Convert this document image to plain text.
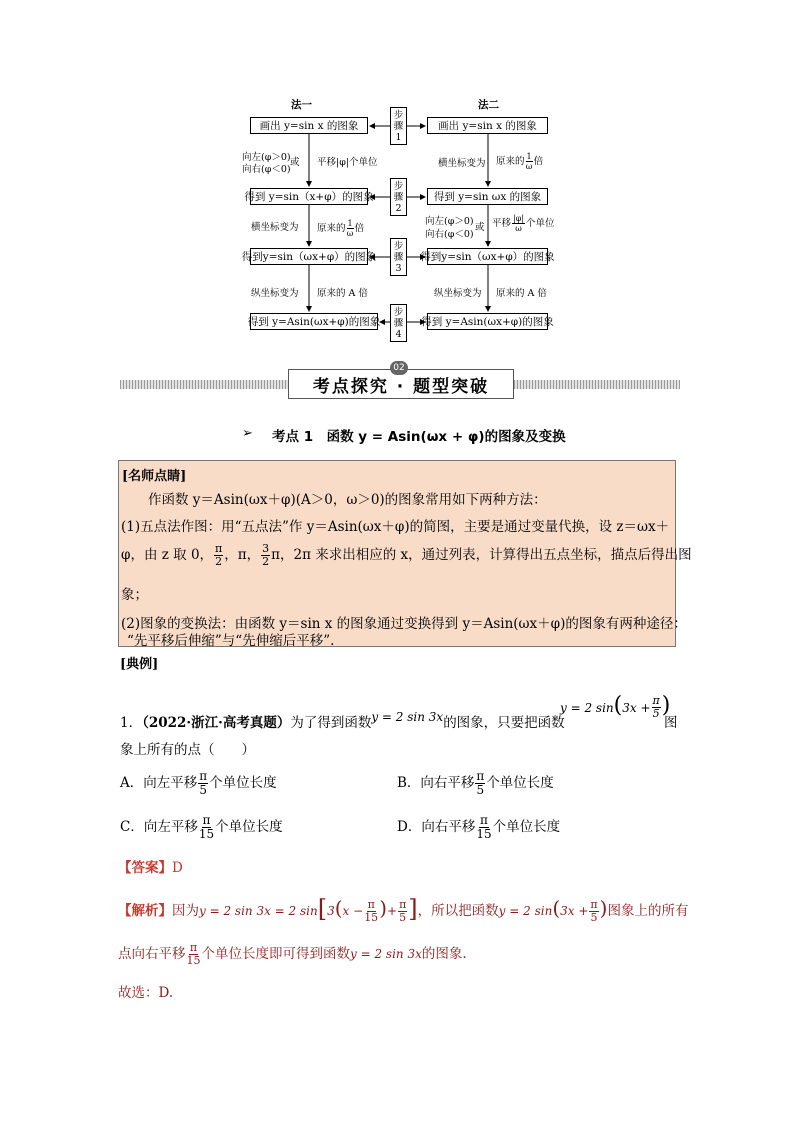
法一	法二
画出 y=sin x 的图象
得到 y=sin（x+φ）的图象
得到y=sin（ωx+φ）的图象
得到 y=Asin(ωx+φ)的图象
画出 y=sin x 的图象
得到 y=sin ωx 的图象
得到y=sin（ωx+φ）的图象
得到 y=Asin(ωx+φ)的图象
步
骤
1
步
骤
2
步
骤
3
步
骤
4
向左(φ＞0)
向右(φ＜0)
或 平移|φ|个单位
横坐标变为 原来的 $\frac{1}{\omega}$ 倍
纵坐标变为 原来的 A 倍
横坐标变为 原来的 $\frac{1}{\omega}$ 倍
向左(φ＞0)
向右(φ＜0)
或 平移 $\frac{|\varphi|}{\omega}$ 个单位
纵坐标变为 原来的 A 倍
考点探究 · 题型突破
02
➢ 考点 1　函数 y = Asin(ωx + φ)的图象及变换
[名师点睛]
作函数 y＝Asin(ωx＋φ)(A＞0，ω＞0)的图象常用如下两种方法：
(1)五点法作图：用“五点法”作 y＝Asin(ωx＋φ)的简图，主要是通过变量代换，设 z＝ωx＋
φ，由 z 取 0， $\frac{\pi}{2}$ ，π， $\frac{3}{2}$ π，2π 来求出相应的 x，通过列表，计算得出五点坐标，描点后得出图
象；
(2)图象的变换法：由函数 y＝sin x 的图象通过变换得到 y＝Asin(ωx＋φ)的图象有两种途径：
“先平移后伸缩”与“先伸缩后平移”.
[典例]
1．（2022·浙江·高考真题）为了得到函数y = 2 sin 3x的图象，只要把函数
y = 2 $\sin(3x + \frac{\pi}{5}$ )
图
象上所有的点（　　）
A．向左平移 $\frac{\pi}{5}$ 个单位长度	B．向右平移 $\frac{\pi}{5}$ 个单位长度
C．向左平移 $\frac{\pi}{15}$ 个单位长度	D．向右平移 $\frac{\pi}{15}$ 个单位长度
【答案】D
【解析】因为y = 2 sin 3x = 2 $\sin[3(x - \frac{\pi}{15}$ )+ $\frac{\pi}{5}$ ]，所以把函数y = 2 $\sin(3x + \frac{\pi}{5}$ )图象上的所有
点向右平移 $\frac{\pi}{15}$ 个单位长度即可得到函数y = 2 sin 3x的图象.
故选：D.
